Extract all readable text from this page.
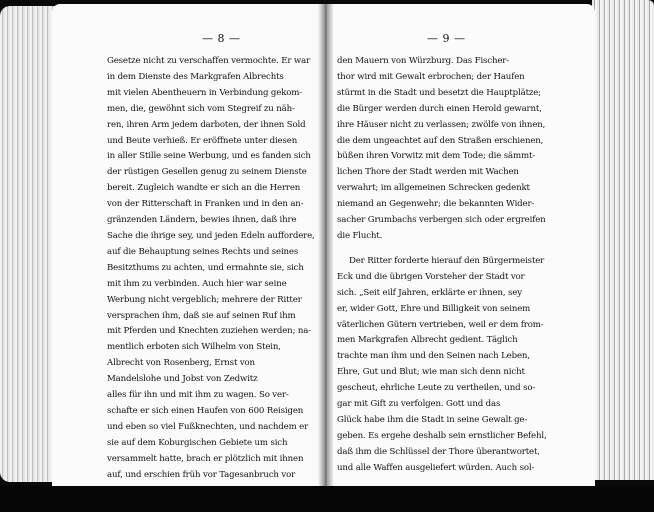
— 8 —
Gesetze nicht zu verschaffen vermochte. Er war
in dem Dienste des Markgrafen Albrechts
mit vielen Abentheuern in Verbindung gekom-
men, die, gewöhnt sich vom Stegreif zu näh-
ren, ihren Arm jedem darboten, der ihnen Sold
und Beute verhieß. Er eröffnete unter diesen
in aller Stille seine Werbung, und es fanden sich
der rüstigen Gesellen genug zu seinem Dienste
bereit. Zugleich wandte er sich an die Herren
von der Ritterschaft in Franken und in den an-
gränzenden Ländern, bewies ihnen, daß ihre
Sache die ihrige sey, und jeden Edeln auffordere,
auf die Behauptung seines Rechts und seines
Besitzthums zu achten, und ermahnte sie, sich
mit ihm zu verbinden. Auch hier war seine
Werbung nicht vergeblich; mehrere der Ritter
versprachen ihm, daß sie auf seinen Ruf ihm
mit Pferden und Knechten zuziehen werden; na-
mentlich erboten sich Wilhelm von Stein,
Albrecht von Rosenberg, Ernst von
Mandelslohe und Jobst von Zedwitz
alles für ihn und mit ihm zu wagen. So ver-
schafte er sich einen Haufen von 600 Reisigen
und eben so viel Fußknechten, und nachdem er
sie auf dem Koburgischen Gebiete um sich
versammelt hatte, brach er plötzlich mit ihnen
auf, und erschien früh vor Tagesanbruch vor
— 9 —
den Mauern von Würzburg. Das Fischer-
thor wird mit Gewalt erbrochen; der Haufen
stürmt in die Stadt und besetzt die Hauptplätze;
die Bürger werden durch einen Herold gewarnt,
ihre Häuser nicht zu verlassen; zwölfe von ihnen,
die dem ungeachtet auf den Straßen erschienen,
büßen ihren Vorwitz mit dem Tode; die sämmt-
lichen Thore der Stadt werden mit Wachen
verwahrt; im allgemeinen Schrecken gedenkt
niemand an Gegenwehr; die bekannten Wider-
sacher Grumbachs verbergen sich oder ergreifen
die Flucht.
Der Ritter forderte hierauf den Bürgermeister
Eck und die übrigen Vorsteher der Stadt vor
sich. „Seit eilf Jahren, erklärte er ihnen, sey
er, wider Gott, Ehre und Billigkeit von seinem
väterlichen Gütern vertrieben, weil er dem from-
men Markgrafen Albrecht gedient. Täglich
trachte man ihm und den Seinen nach Leben,
Ehre, Gut und Blut; wie man sich denn nicht
gescheut, ehrliche Leute zu vertheilen, und so-
gar mit Gift zu verfolgen. Gott und das
Glück habe ihm die Stadt in seine Gewalt ge-
geben. Es ergehe deshalb sein ernstlicher Befehl,
daß ihm die Schlüssel der Thore überantwortet,
und alle Waffen ausgeliefert würden. Auch sol-
